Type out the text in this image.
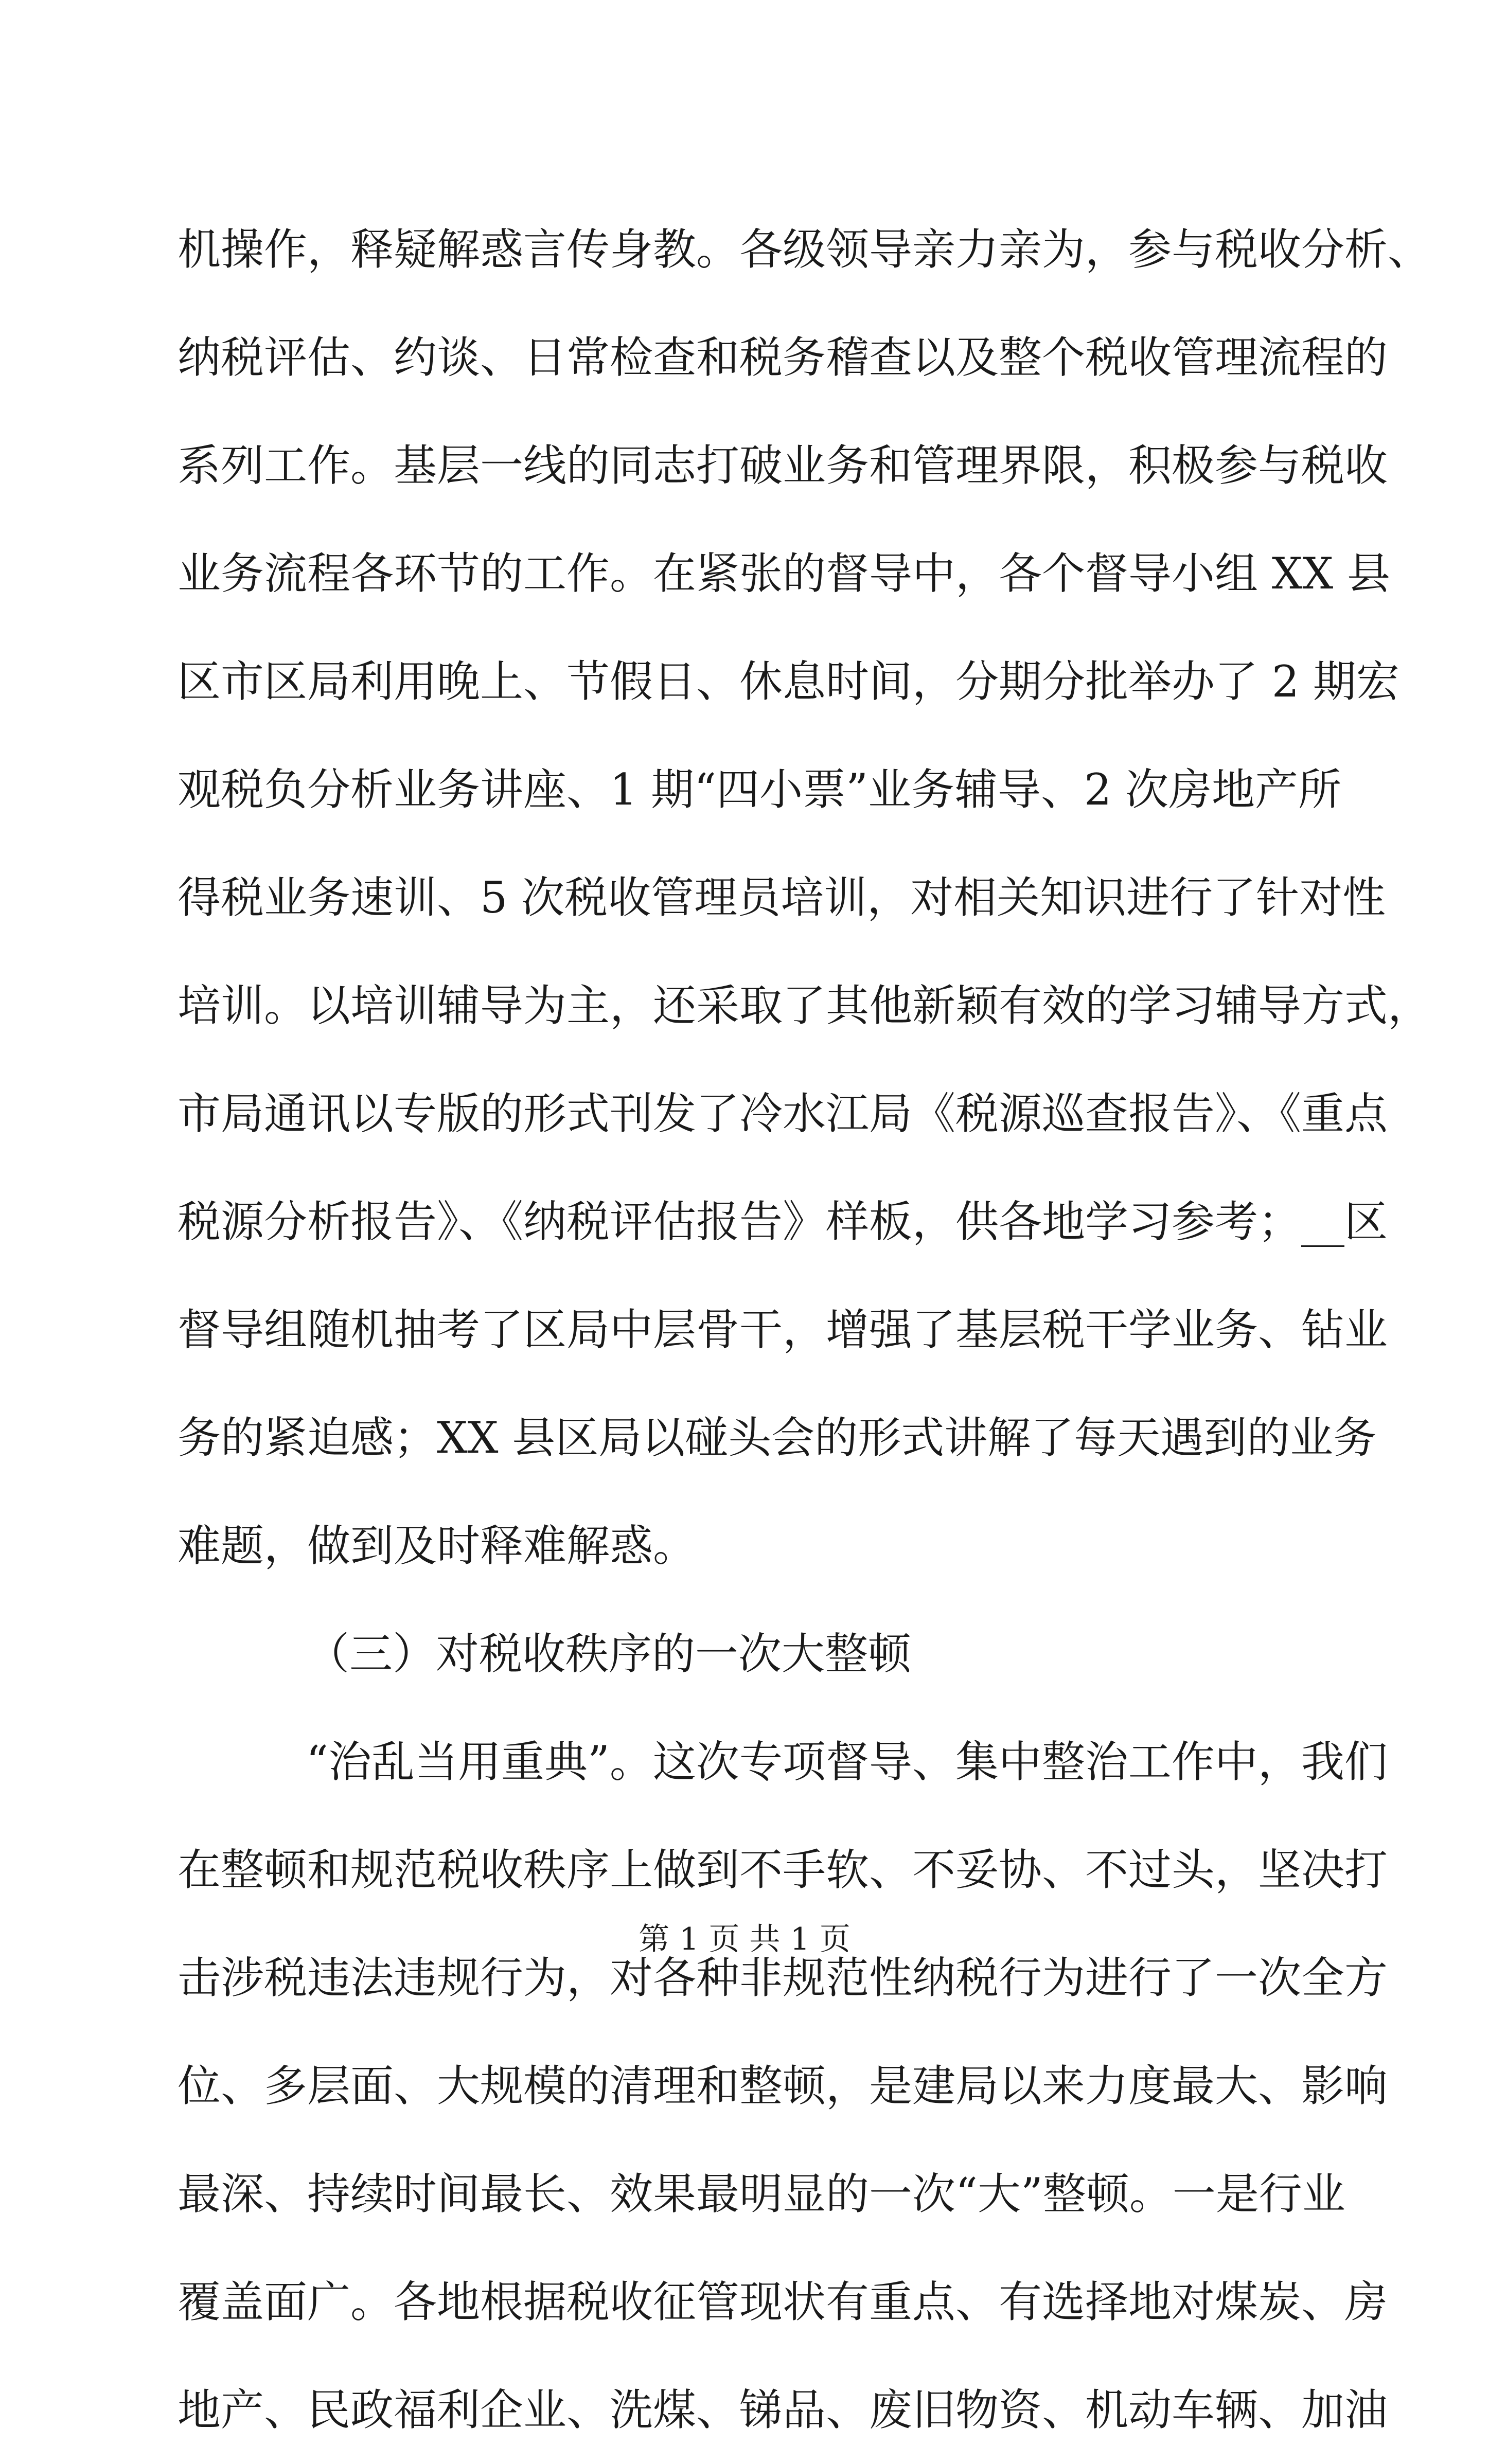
机操作，释疑解惑言传身教。各级领导亲力亲为，参与税收分析、
纳税评估、约谈、日常检查和税务稽查以及整个税收管理流程的
系列工作。基层一线的同志打破业务和管理界限，积极参与税收
业务流程各环节的工作。在紧张的督导中，各个督导小组 XX 县
区市区局利用晚上、节假日、休息时间，分期分批举办了 2 期宏
观税负分析业务讲座、1 期“四小票”业务辅导、2 次房地产所
得税业务速训、5 次税收管理员培训，对相关知识进行了针对性
培训。以培训辅导为主，还采取了其他新颖有效的学习辅导方式，
市局通讯以专版的形式刊发了冷水江局《税源巡查报告》、《重点
税源分析报告》、《纳税评估报告》样板，供各地学习参考；__区
督导组随机抽考了区局中层骨干，增强了基层税干学业务、钻业
务的紧迫感；XX 县区局以碰头会的形式讲解了每天遇到的业务
难题，做到及时释难解惑。
（三）对税收秩序的一次大整顿
“治乱当用重典”。这次专项督导、集中整治工作中，我们
在整顿和规范税收秩序上做到不手软、不妥协、不过头，坚决打
击涉税违法违规行为，对各种非规范性纳税行为进行了一次全方
位、多层面、大规模的清理和整顿，是建局以来力度最大、影响
最深、持续时间最长、效果最明显的一次“大”整顿。一是行业
覆盖面广。各地根据税收征管现状有重点、有选择地对煤炭、房
地产、民政福利企业、洗煤、锑品、废旧物资、机动车辆、加油
第 1 页 共 1 页
